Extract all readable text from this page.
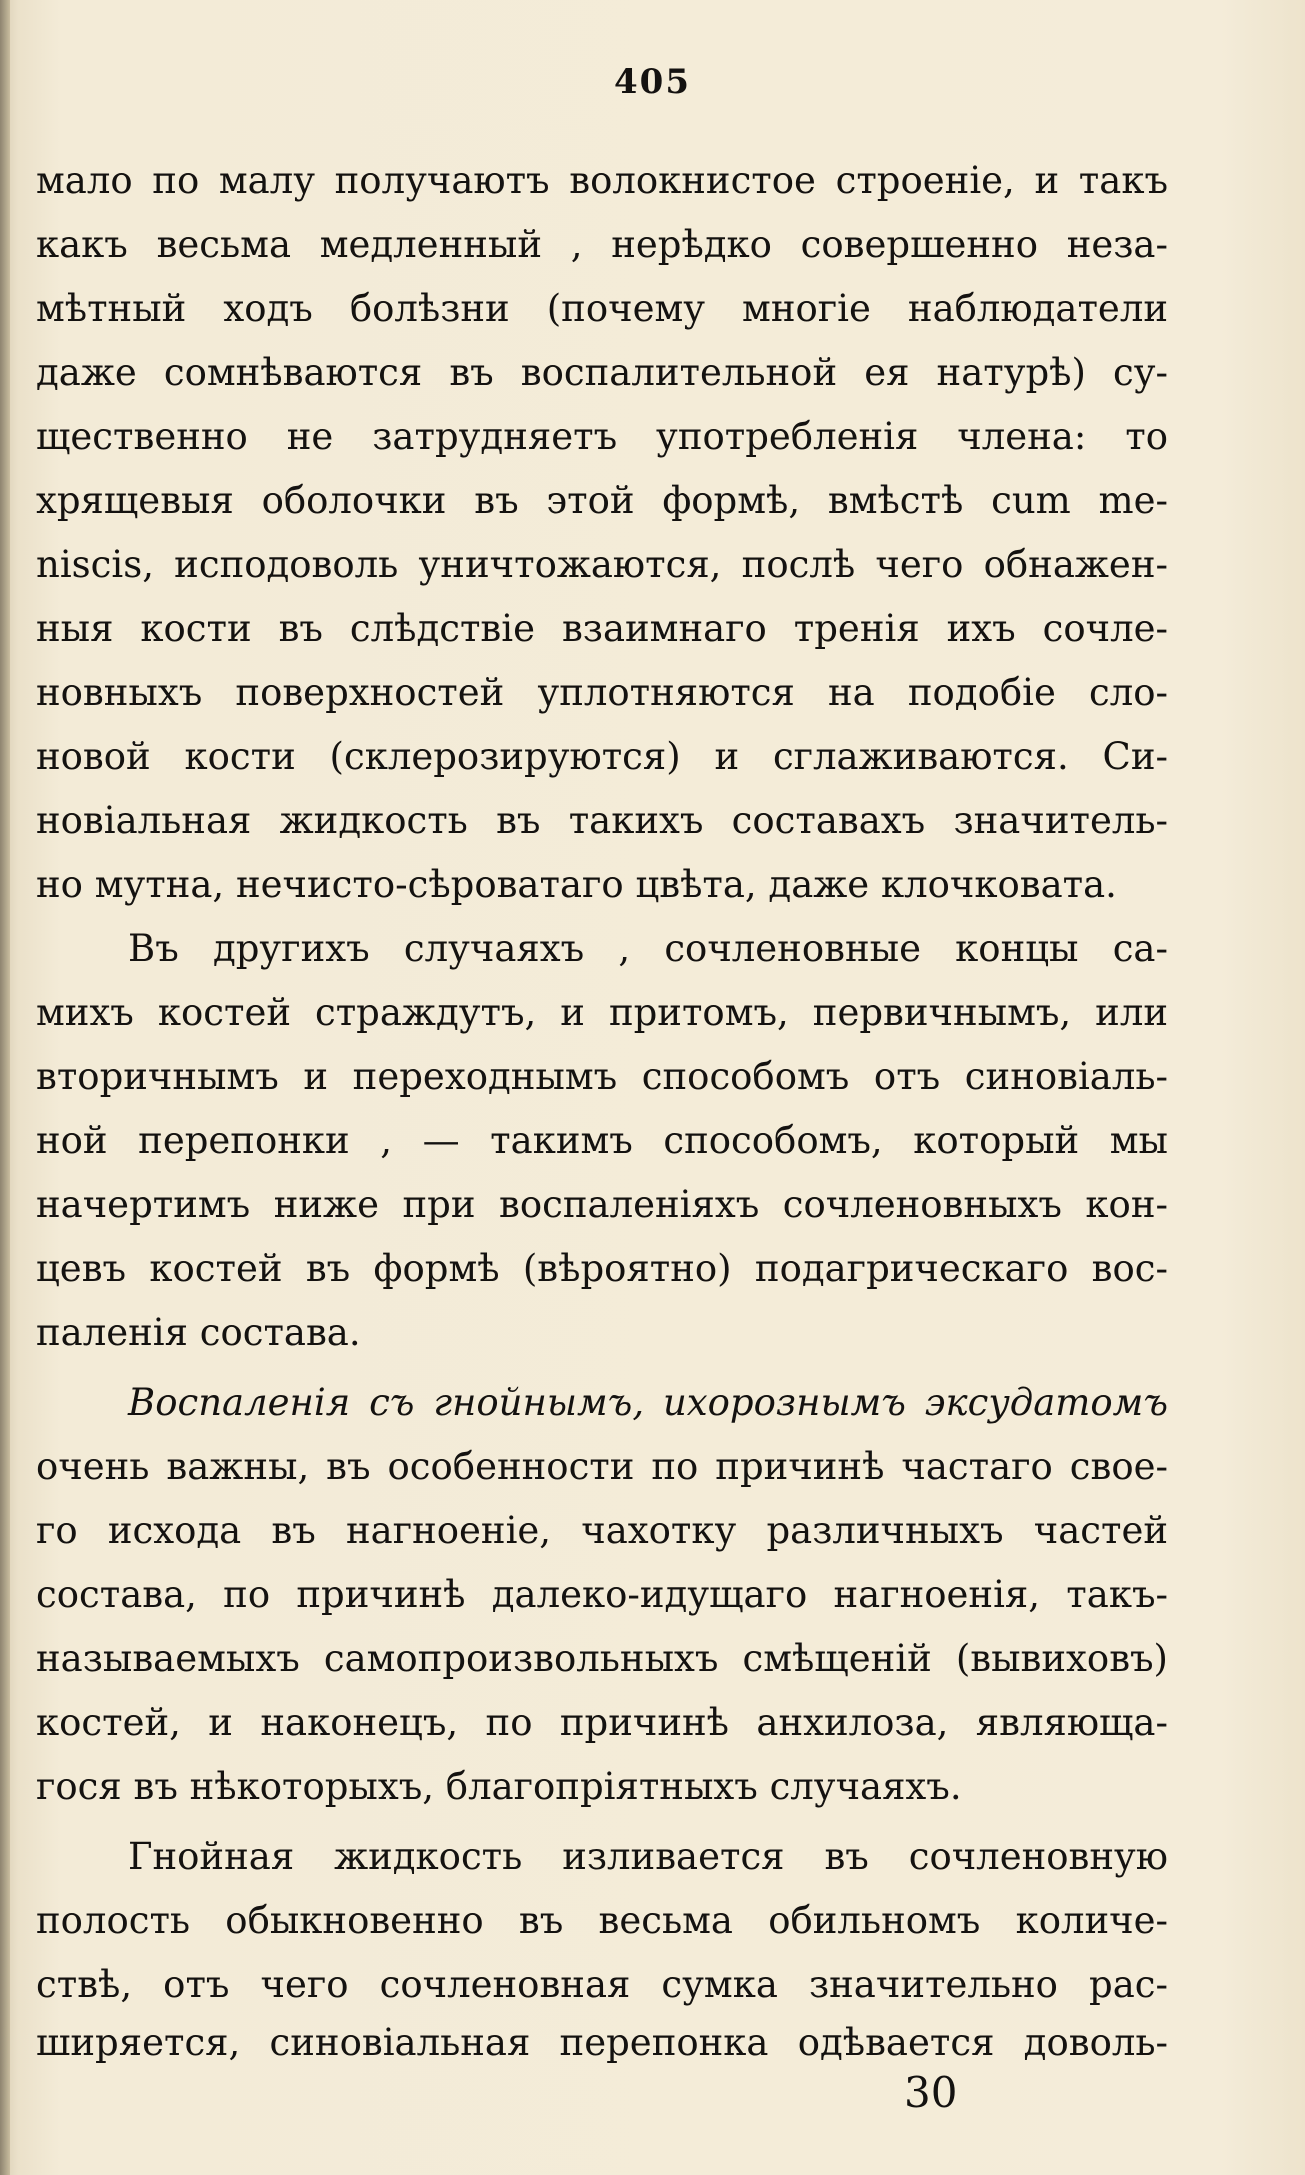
405
мало по малу получаютъ волокнистое строеніе, и такъ
какъ весьма медленный , нерѣдко совершенно неза-
мѣтный ходъ болѣзни (почему многіе наблюдатели
даже сомнѣваются въ воспалительной ея натурѣ) су-
щественно не затрудняетъ употребленія члена: то
хрящевыя оболочки въ этой формѣ, вмѣстѣ cum me-
niscis, исподоволь уничтожаются, послѣ чего обнажен-
ныя кости въ слѣдствіе взаимнаго тренія ихъ сочле-
новныхъ поверхностей уплотняются на подобіе сло-
новой кости (склерозируются) и сглаживаются. Си-
новіальная жидкость въ такихъ составахъ значитель-
но мутна, нечисто-сѣроватаго цвѣта, даже клочковата.
Въ другихъ случаяхъ , сочленовные концы са-
михъ костей страждутъ, и притомъ, первичнымъ, или
вторичнымъ и переходнымъ способомъ отъ синовіаль-
ной перепонки , — такимъ способомъ, который мы
начертимъ ниже при воспаленіяхъ сочленовныхъ кон-
цевъ костей въ формѣ (вѣроятно) подагрическаго вос-
паленія состава.
Воспаленія съ гнойнымъ, ихорознымъ эксудатомъ
очень важны, въ особенности по причинѣ частаго свое-
го исхода въ нагноеніе, чахотку различныхъ частей
состава, по причинѣ далеко-идущаго нагноенія, такъ-
называемыхъ самопроизвольныхъ смѣщеній (вывиховъ)
костей, и наконецъ, по причинѣ анхилоза, являюща-
гося въ нѣкоторыхъ, благопріятныхъ случаяхъ.
Гнойная жидкость изливается въ сочленовную
полость обыкновенно въ весьма обильномъ количе-
ствѣ, отъ чего сочленовная сумка значительно рас-
ширяется, синовіальная перепонка одѣвается доволь-
30
